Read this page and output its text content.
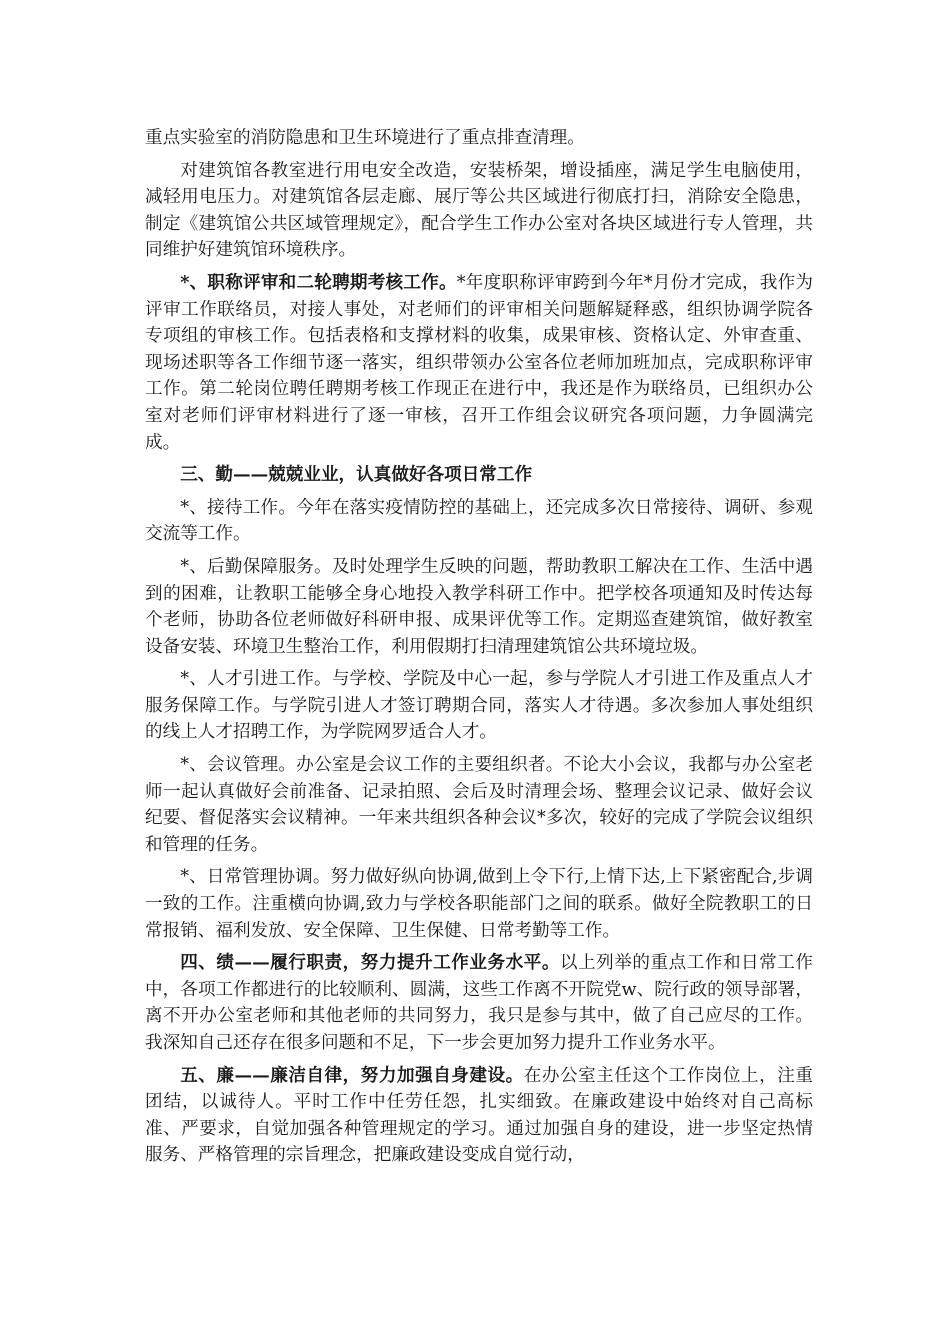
重点实验室的消防隐患和卫生环境进行了重点排查清理。

对建筑馆各教室进行用电安全改造，安装桥架，增设插座，满足学生电脑使用，减轻用电压力。对建筑馆各层走廊、展厅等公共区域进行彻底打扫，消除安全隐患，制定《建筑馆公共区域管理规定》，配合学生工作办公室对各块区域进行专人管理，共同维护好建筑馆环境秩序。

*、职称评审和二轮聘期考核工作。*年度职称评审跨到今年*月份才完成，我作为评审工作联络员，对接人事处，对老师们的评审相关问题解疑释惑，组织协调学院各专项组的审核工作。包括表格和支撑材料的收集，成果审核、资格认定、外审查重、现场述职等各工作细节逐一落实，组织带领办公室各位老师加班加点，完成职称评审工作。第二轮岗位聘任聘期考核工作现正在进行中，我还是作为联络员，已组织办公室对老师们评审材料进行了逐一审核，召开工作组会议研究各项问题，力争圆满完成。

三、勤——兢兢业业，认真做好各项日常工作

*、接待工作。今年在落实疫情防控的基础上，还完成多次日常接待、调研、参观交流等工作。

*、后勤保障服务。及时处理学生反映的问题，帮助教职工解决在工作、生活中遇到的困难，让教职工能够全身心地投入教学科研工作中。把学校各项通知及时传达每个老师，协助各位老师做好科研申报、成果评优等工作。定期巡查建筑馆，做好教室设备安装、环境卫生整治工作，利用假期打扫清理建筑馆公共环境垃圾。

*、人才引进工作。与学校、学院及中心一起，参与学院人才引进工作及重点人才服务保障工作。与学院引进人才签订聘期合同，落实人才待遇。多次参加人事处组织的线上人才招聘工作，为学院网罗适合人才。

*、会议管理。办公室是会议工作的主要组织者。不论大小会议，我都与办公室老师一起认真做好会前准备、记录拍照、会后及时清理会场、整理会议记录、做好会议纪要、督促落实会议精神。一年来共组织各种会议*多次，较好的完成了学院会议组织和管理的任务。

*、日常管理协调。努力做好纵向协调,做到上令下行,上情下达,上下紧密配合,步调一致的工作。注重横向协调,致力与学校各职能部门之间的联系。做好全院教职工的日常报销、福利发放、安全保障、卫生保健、日常考勤等工作。

四、绩——履行职责，努力提升工作业务水平。以上列举的重点工作和日常工作中，各项工作都进行的比较顺利、圆满，这些工作离不开院党w、院行政的领导部署，离不开办公室老师和其他老师的共同努力，我只是参与其中，做了自己应尽的工作。我深知自己还存在很多问题和不足，下一步会更加努力提升工作业务水平。

五、廉——廉洁自律，努力加强自身建设。在办公室主任这个工作岗位上，注重团结，以诚待人。平时工作中任劳任怨，扎实细致。在廉政建设中始终对自己高标准、严要求，自觉加强各种管理规定的学习。通过加强自身的建设，进一步坚定热情服务、严格管理的宗旨理念，把廉政建设变成自觉行动，
